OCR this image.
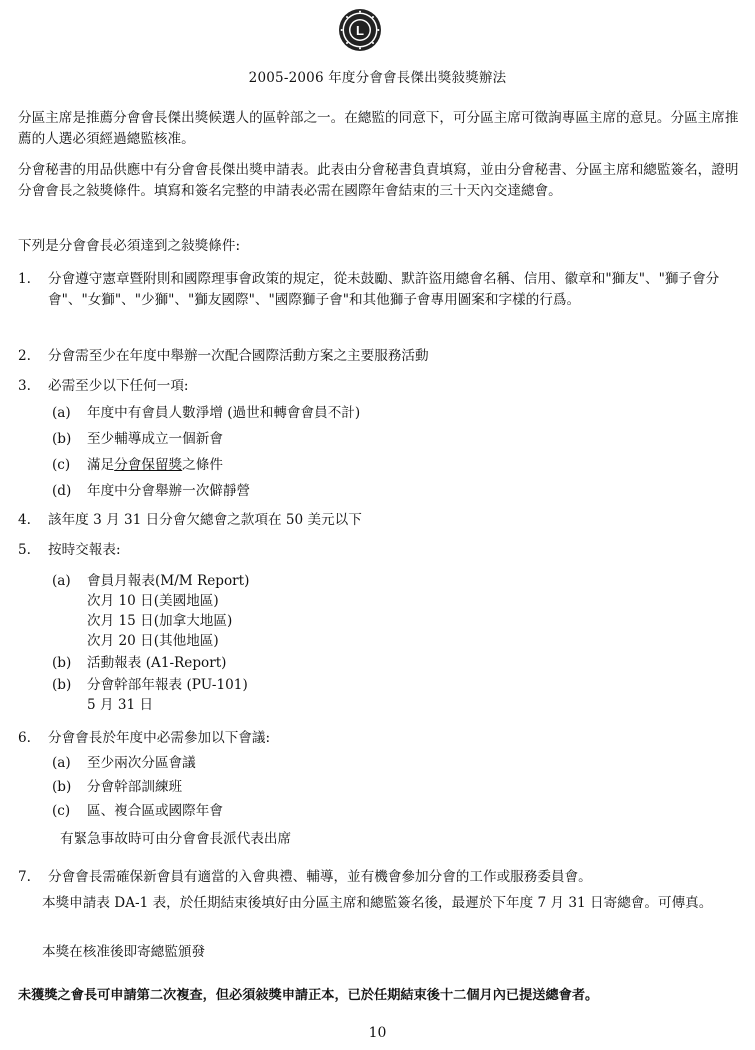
L
2005-2006 年度分會會長傑出獎敍獎辦法
分區主席是推薦分會會長傑出獎候選人的區幹部之一。在總監的同意下，可分區主席可徵詢專區主席的意見。分區主席推薦的人選必須經過總監核准。
分會秘書的用品供應中有分會會長傑出獎申請表。此表由分會秘書負責填寫，並由分會秘書、分區主席和總監簽名，證明分會會長之敍獎條件。填寫和簽名完整的申請表必需在國際年會結束的三十天內交達總會。
下列是分會會長必須達到之敍獎條件:
1. 分會遵守憲章暨附則和國際理事會政策的規定，從未鼓勵、默許盜用總會名稱、信用、徽章和"獅友"、"獅子會分會"、"女獅"、"少獅"、"獅友國際"、"國際獅子會"和其他獅子會專用圖案和字樣的行爲。
2. 分會需至少在年度中舉辦一次配合國際活動方案之主要服務活動
3. 必需至少以下任何一項:
(a) 年度中有會員人數淨增 (過世和轉會會員不計)
(b) 至少輔導成立一個新會
(c) 滿足分會保留獎之條件
(d) 年度中分會舉辦一次僻靜營
4. 該年度 3 月 31 日分會欠總會之款項在 50 美元以下
5. 按時交報表:
(a) 會員月報表(M/M Report)
次月 10 日(美國地區)
次月 15 日(加拿大地區)
次月 20 日(其他地區)
(b) 活動報表 (A1-Report)
(b) 分會幹部年報表 (PU-101)
5 月 31 日
6. 分會會長於年度中必需參加以下會議:
(a) 至少兩次分區會議
(b) 分會幹部訓練班
(c) 區、複合區或國際年會
有緊急事故時可由分會會長派代表出席
7. 分會會長需確保新會員有適當的入會典禮、輔導，並有機會參加分會的工作或服務委員會。
本獎申請表 DA-1 表，於任期結束後填好由分區主席和總監簽名後，最遲於下年度 7 月 31 日寄總會。可傳真。
本獎在核准後即寄總監頒發
未獲獎之會長可申請第二次複查，但必須敍獎申請正本，已於任期結束後十二個月內已提送總會者。
10
